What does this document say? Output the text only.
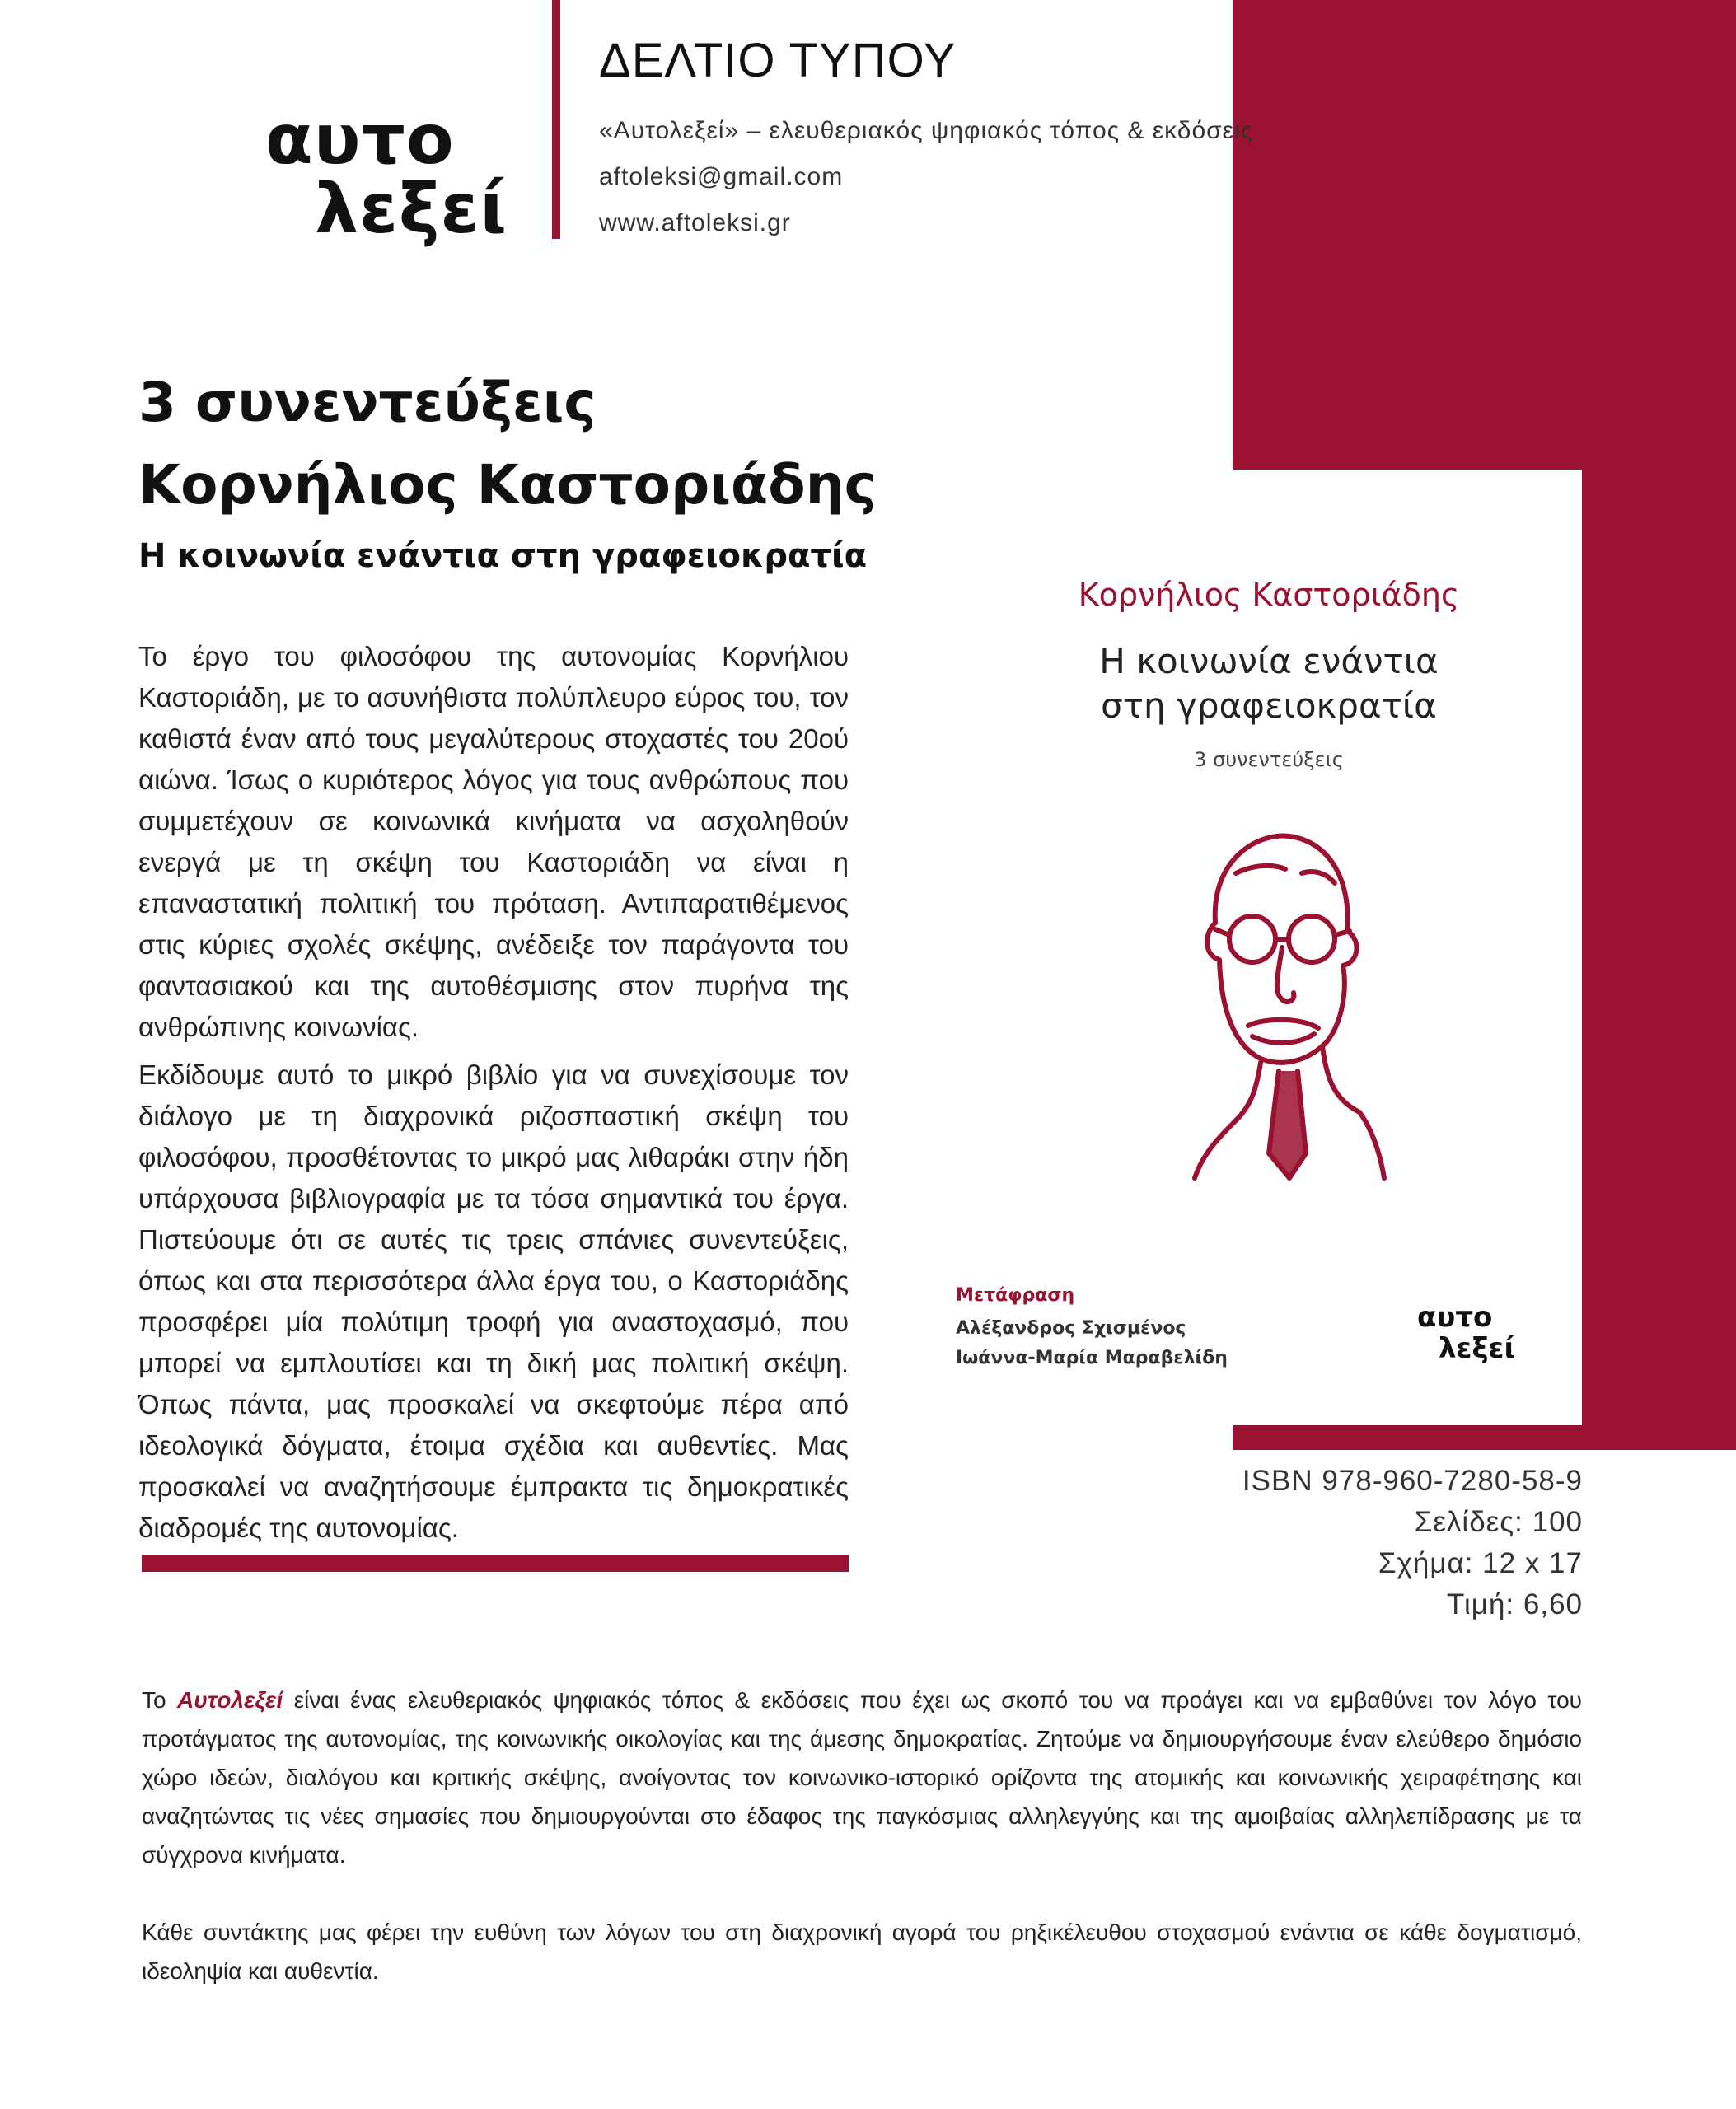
αυτο
λεξεί
ΔΕΛΤΙΟ ΤΥΠΟΥ
«Αυτολεξεί» – ελευθεριακός ψηφιακός τόπος & εκδόσεις
aftoleksi@gmail.com
www.aftoleksi.gr
3 συνεντεύξεις
Κορνήλιος Καστοριάδης
Η κοινωνία ενάντια στη γραφειοκρατία
Το έργο του φιλοσόφου της αυτονομίας Κορνήλιου Καστοριάδη, με το ασυνήθιστα πολύπλευρο εύρος του, τον καθιστά έναν από τους μεγαλύτερους στοχαστές του 20ού αιώνα. Ίσως ο κυριότερος λόγος για τους ανθρώπους που συμμετέχουν σε κοινωνικά κινήματα να ασχοληθούν ενεργά με τη σκέψη του Καστοριάδη να είναι η επαναστατική πολιτική του πρόταση. Αντιπαρατιθέμενος στις κύριες σχολές σκέψης, ανέδειξε τον παράγοντα του φαντασιακού και της αυτοθέσμισης στον πυρήνα της ανθρώπινης κοινωνίας.
Εκδίδουμε αυτό το μικρό βιβλίο για να συνεχίσουμε τον διάλογο με τη διαχρονικά ριζοσπαστική σκέψη του φιλοσόφου, προσθέτοντας το μικρό μας λιθαράκι στην ήδη υπάρχουσα βιβλιογραφία με τα τόσα σημαντικά του έργα. Πιστεύουμε ότι σε αυτές τις τρεις σπάνιες συνεντεύξεις, όπως και στα περισσότερα άλλα έργα του, ο Καστοριάδης προσφέρει μία πολύτιμη τροφή για αναστοχασμό, που μπορεί να εμπλουτίσει και τη δική μας πολιτική σκέψη. Όπως πάντα, μας προσκαλεί να σκεφτούμε πέρα από ιδεολογικά δόγματα, έτοιμα σχέδια και αυθεντίες. Μας προσκαλεί να αναζητήσουμε έμπρακτα τις δημοκρατικές διαδρομές της αυτονομίας.
Κορνήλιος Καστοριάδης
Η κοινωνία ενάντια
στη γραφειοκρατία
3 συνεντεύξεις
Μετάφραση
Αλέξανδρος Σχισμένος
Ιωάννα-Μαρία Μαραβελίδη
αυτο
λεξεί
ISBN 978-960-7280-58-9
Σελίδες: 100
Σχήμα: 12 x 17
Τιμή: 6,60
Το Αυτολεξεί είναι ένας ελευθεριακός ψηφιακός τόπος & εκδόσεις που έχει ως σκοπό του να προάγει και να εμβαθύνει τον λόγο του προτάγματος της αυτονομίας, της κοινωνικής οικολογίας και της άμεσης δημοκρατίας. Ζητούμε να δημιουργήσουμε έναν ελεύθερο δημόσιο χώρο ιδεών, διαλόγου και κριτικής σκέψης, ανοίγοντας τον κοινωνικο-ιστορικό ορίζοντα της ατομικής και κοινωνικής χειραφέτησης και αναζητώντας τις νέες σημασίες που δημιουργούνται στο έδαφος της παγκόσμιας αλληλεγγύης και της αμοιβαίας αλληλεπίδρασης με τα σύγχρονα κινήματα.
Κάθε συντάκτης μας φέρει την ευθύνη των λόγων του στη διαχρονική αγορά του ρηξικέλευθου στοχασμού ενάντια σε κάθε δογματισμό, ιδεοληψία και αυθεντία.
